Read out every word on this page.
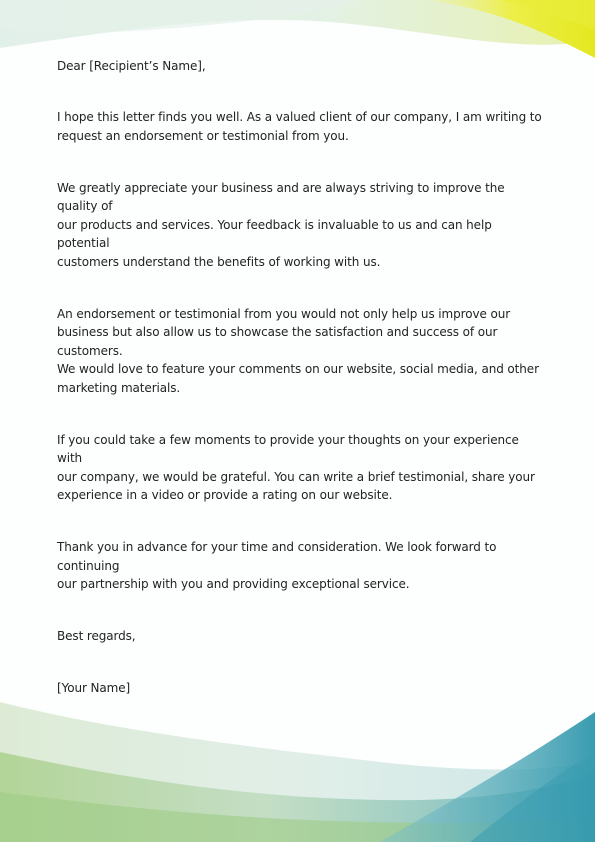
Dear [Recipient’s Name],

I hope this letter finds you well. As a valued client of our company, I am writing to
request an endorsement or testimonial from you.

We greatly appreciate your business and are always striving to improve the quality of
our products and services. Your feedback is invaluable to us and can help potential
customers understand the benefits of working with us.

An endorsement or testimonial from you would not only help us improve our
business but also allow us to showcase the satisfaction and success of our customers.
We would love to feature your comments on our website, social media, and other
marketing materials.

If you could take a few moments to provide your thoughts on your experience with
our company, we would be grateful. You can write a brief testimonial, share your
experience in a video or provide a rating on our website.

Thank you in advance for your time and consideration. We look forward to continuing
our partnership with you and providing exceptional service.

Best regards,

[Your Name]
